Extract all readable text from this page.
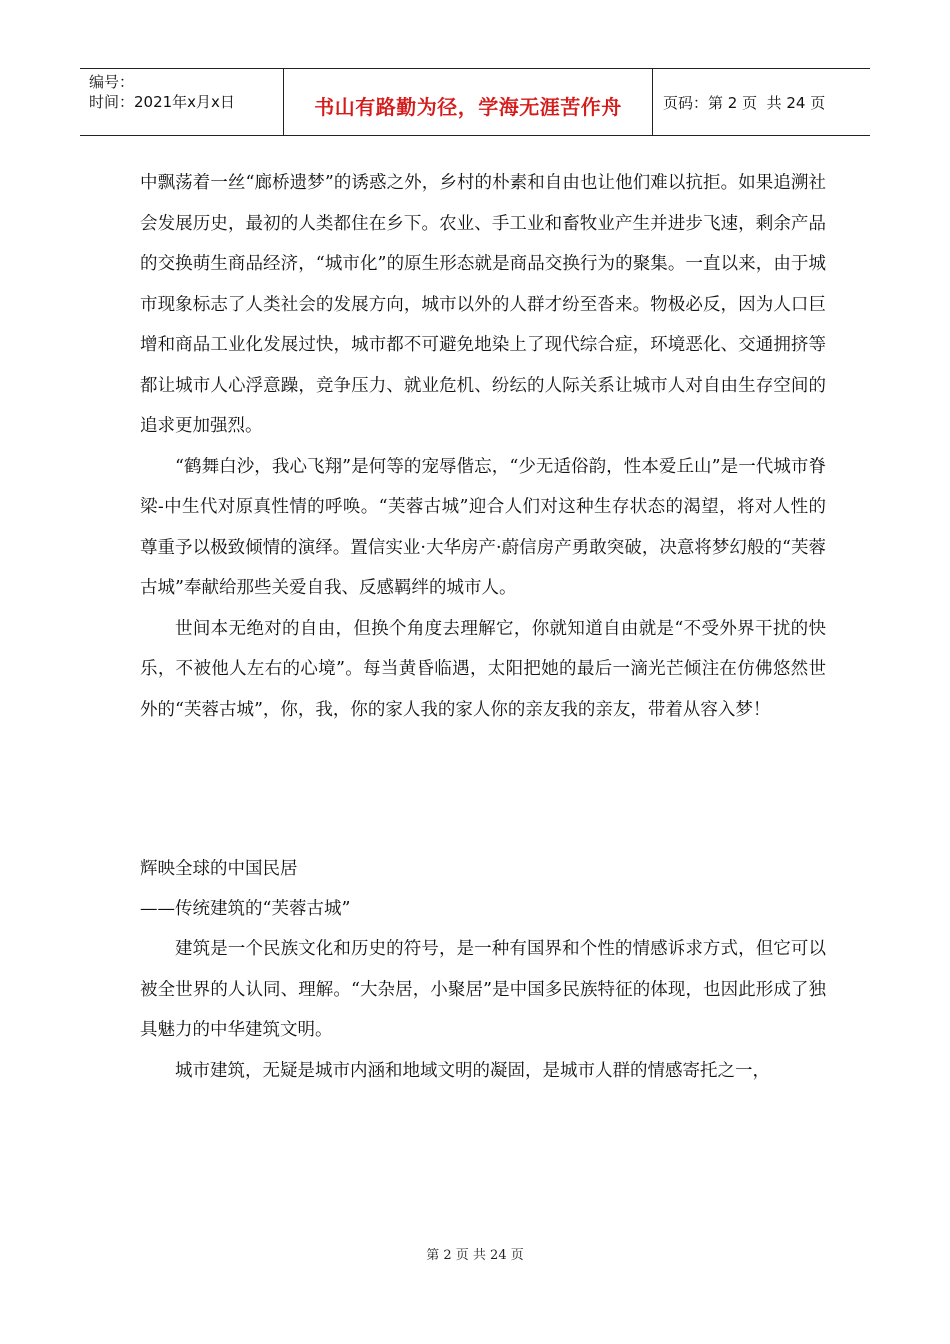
编号：
时间：2021年x月x日	书山有路勤为径，学海无涯苦作舟	页码：第 2 页  共 24 页

中飘荡着一丝“廊桥遗梦”的诱惑之外，乡村的朴素和自由也让他们难以抗拒。如果追溯社会发展历史，最初的人类都住在乡下。农业、手工业和畜牧业产生并进步飞速，剩余产品的交换萌生商品经济，“城市化”的原生形态就是商品交换行为的聚集。一直以来，由于城市现象标志了人类社会的发展方向，城市以外的人群才纷至沓来。物极必反，因为人口巨增和商品工业化发展过快，城市都不可避免地染上了现代综合症，环境恶化、交通拥挤等都让城市人心浮意躁，竞争压力、就业危机、纷纭的人际关系让城市人对自由生存空间的追求更加强烈。

“鹤舞白沙，我心飞翔”是何等的宠辱偕忘，“少无适俗韵，性本爱丘山”是一代城市脊梁-中生代对原真性情的呼唤。“芙蓉古城”迎合人们对这种生存状态的渴望，将对人性的尊重予以极致倾情的演绎。置信实业·大华房产·蔚信房产勇敢突破，决意将梦幻般的“芙蓉古城”奉献给那些关爱自我、反感羁绊的城市人。

世间本无绝对的自由，但换个角度去理解它，你就知道自由就是“不受外界干扰的快乐，不被他人左右的心境”。每当黄昏临遇，太阳把她的最后一滴光芒倾注在仿佛悠然世外的“芙蓉古城”，你，我，你的家人我的家人你的亲友我的亲友，带着从容入梦！

辉映全球的中国民居

——传统建筑的“芙蓉古城”

建筑是一个民族文化和历史的符号，是一种有国界和个性的情感诉求方式，但它可以被全世界的人认同、理解。“大杂居，小聚居”是中国多民族特征的体现，也因此形成了独具魅力的中华建筑文明。

城市建筑，无疑是城市内涵和地域文明的凝固，是城市人群的情感寄托之一，

第 2 页 共 24 页
